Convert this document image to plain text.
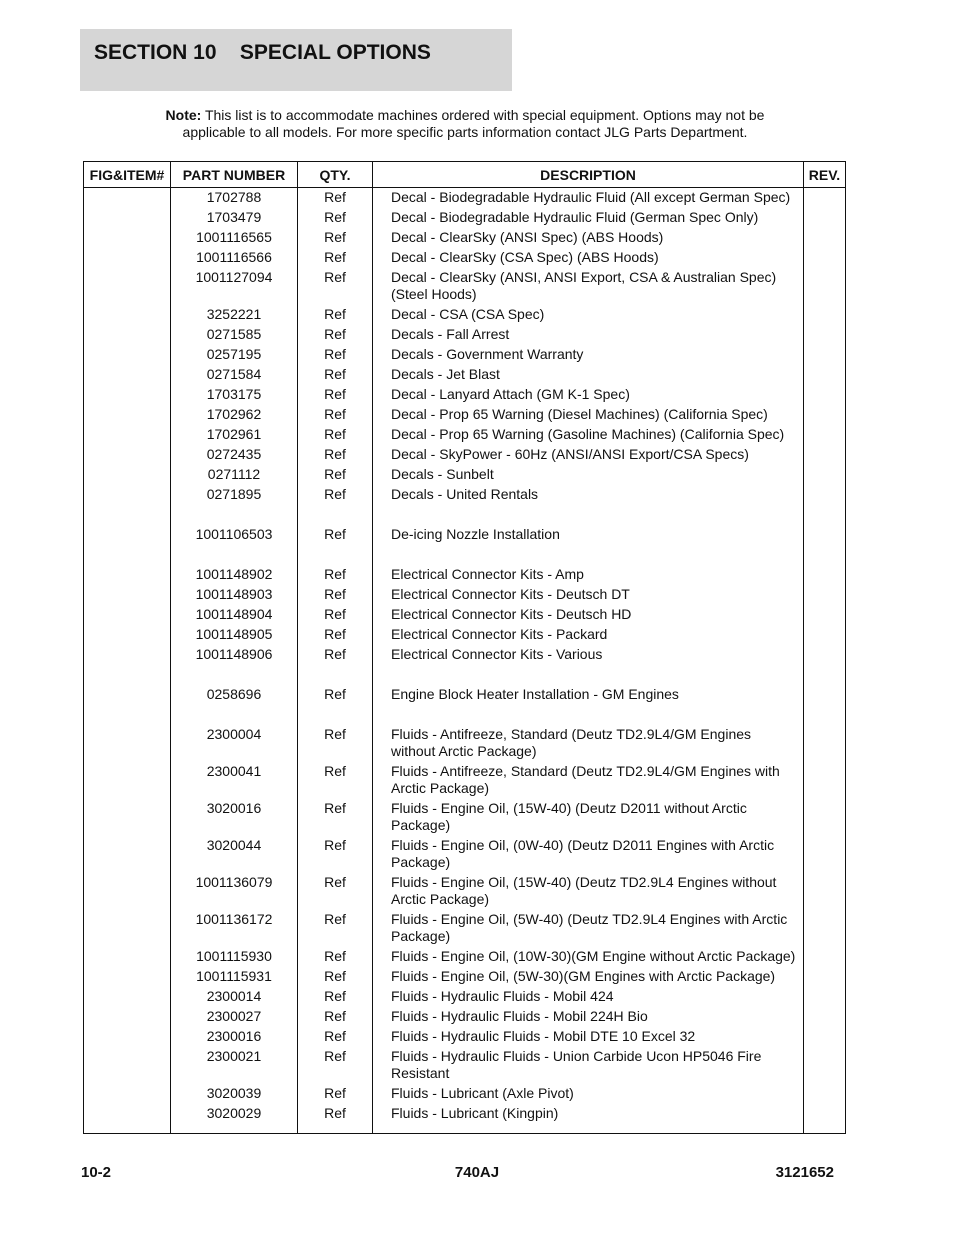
SECTION 10 SPECIAL OPTIONS
Note: This list is to accommodate machines ordered with special equipment. Options may not be applicable to all models. For more specific parts information contact JLG Parts Department.
FIG&ITEM#	PART NUMBER	QTY.	DESCRIPTION	REV.
	1702788	Ref	Decal - Biodegradable Hydraulic Fluid (All except German Spec)	
	1703479	Ref	Decal - Biodegradable Hydraulic Fluid (German Spec Only)	
	1001116565	Ref	Decal - ClearSky (ANSI Spec) (ABS Hoods)	
	1001116566	Ref	Decal - ClearSky (CSA Spec) (ABS Hoods)	
	1001127094	Ref	Decal - ClearSky (ANSI, ANSI Export, CSA & Australian Spec) (Steel Hoods)	
	3252221	Ref	Decal - CSA (CSA Spec)	
	0271585	Ref	Decals - Fall Arrest	
	0257195	Ref	Decals - Government Warranty	
	0271584	Ref	Decals - Jet Blast	
	1703175	Ref	Decal - Lanyard Attach (GM K-1 Spec)	
	1702962	Ref	Decal - Prop 65 Warning (Diesel Machines) (California Spec)	
	1702961	Ref	Decal - Prop 65 Warning (Gasoline Machines) (California Spec)	
	0272435	Ref	Decal - SkyPower - 60Hz (ANSI/ANSI Export/CSA Specs)	
	0271112	Ref	Decals - Sunbelt	
	0271895	Ref	Decals - United Rentals	

	1001106503	Ref	De-icing Nozzle Installation	

	1001148902	Ref	Electrical Connector Kits - Amp	
	1001148903	Ref	Electrical Connector Kits - Deutsch DT	
	1001148904	Ref	Electrical Connector Kits - Deutsch HD	
	1001148905	Ref	Electrical Connector Kits - Packard	
	1001148906	Ref	Electrical Connector Kits - Various	

	0258696	Ref	Engine Block Heater Installation - GM Engines	

	2300004	Ref	Fluids - Antifreeze, Standard (Deutz TD2.9L4/GM Engines without Arctic Package)	
	2300041	Ref	Fluids - Antifreeze, Standard (Deutz TD2.9L4/GM Engines with Arctic Package)	
	3020016	Ref	Fluids - Engine Oil, (15W-40) (Deutz D2011 without Arctic Package)	
	3020044	Ref	Fluids - Engine Oil, (0W-40) (Deutz D2011 Engines with Arctic Package)	
	1001136079	Ref	Fluids - Engine Oil, (15W-40) (Deutz TD2.9L4 Engines without Arctic Package)	
	1001136172	Ref	Fluids - Engine Oil, (5W-40) (Deutz TD2.9L4 Engines with Arctic Package)	
	1001115930	Ref	Fluids - Engine Oil, (10W-30)(GM Engine without Arctic Package)	
	1001115931	Ref	Fluids - Engine Oil, (5W-30)(GM Engines with Arctic Package)	
	2300014	Ref	Fluids - Hydraulic Fluids - Mobil 424	
	2300027	Ref	Fluids - Hydraulic Fluids - Mobil 224H Bio	
	2300016	Ref	Fluids - Hydraulic Fluids - Mobil DTE 10 Excel 32	
	2300021	Ref	Fluids - Hydraulic Fluids - Union Carbide Ucon HP5046 Fire Resistant	
	3020039	Ref	Fluids - Lubricant (Axle Pivot)	
	3020029	Ref	Fluids - Lubricant (Kingpin)	

10-2	740AJ	3121652
